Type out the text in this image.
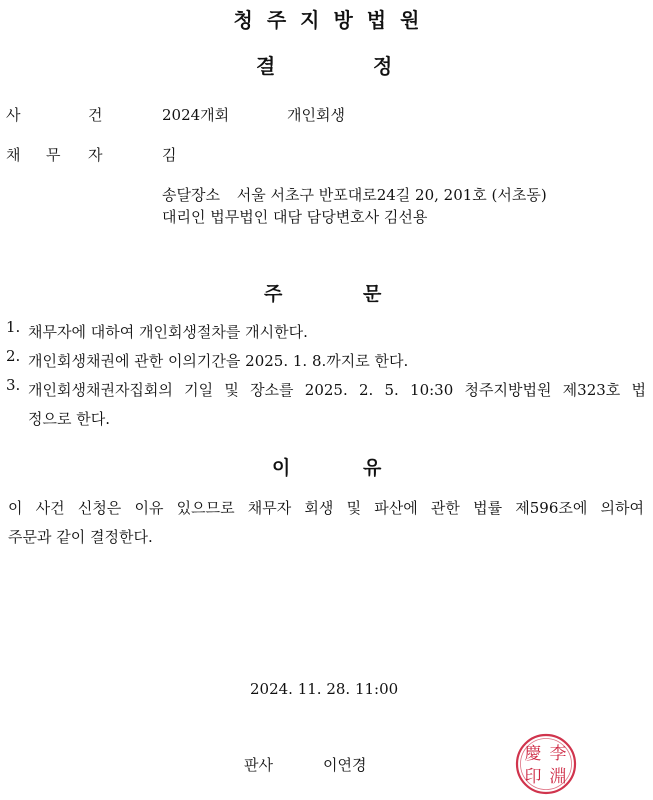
청주지방법원
결	정
사	건	2024개회	개인회생
채 무 자	김
송달장소 서울 서초구 반포대로24길 20, 201호 (서초동)
대리인 법무법인 대담 담당변호사 김선용
주	문
1. 채무자에 대하여 개인회생절차를 개시한다.
2. 개인회생채권에 관한 이의기간을 2025. 1. 8.까지로 한다.
3. 개인회생채권자집회의 기일 및 장소를 2025. 2. 5. 10:30 청주지방법원 제323호 법
정으로 한다.
이	유
이 사건 신청은 이유 있으므로 채무자 회생 및 파산에 관한 법률 제596조에 의하여
주문과 같이 결정한다.
2024. 11. 28. 11:00
판사	이연경
慶 李
印 淵
